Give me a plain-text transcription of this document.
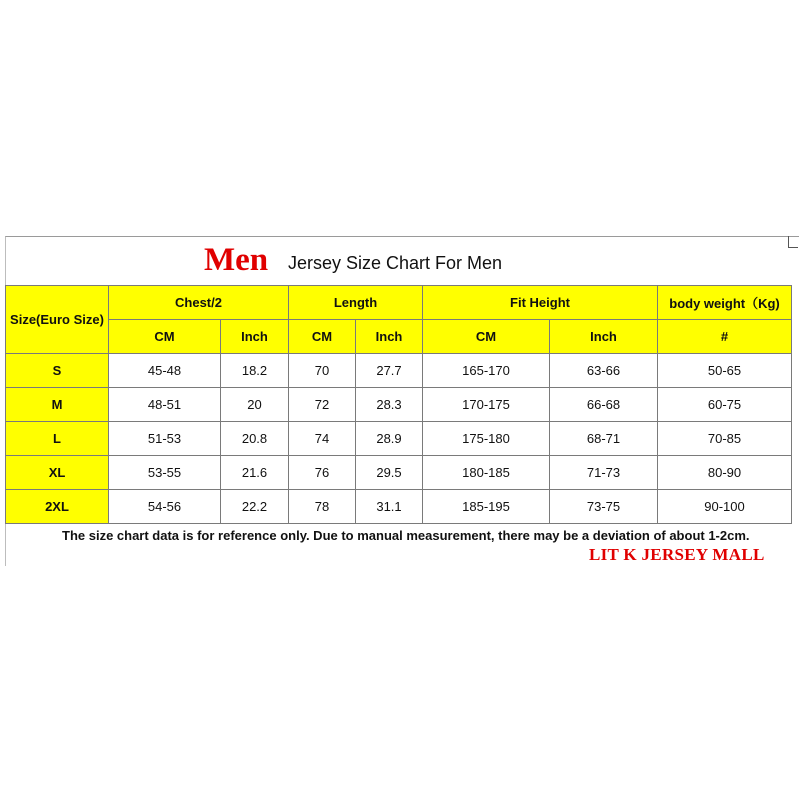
Men Jersey Size Chart For Men
Size(Euro Size)	Chest/2		Length		Fit Height		body weight（Kg)
	CM	Inch	CM	Inch	CM	Inch	#
S	45-48	18.2	70	27.7	165-170	63-66	50-65
M	48-51	20	72	28.3	170-175	66-68	60-75
L	51-53	20.8	74	28.9	175-180	68-71	70-85
XL	53-55	21.6	76	29.5	180-185	71-73	80-90
2XL	54-56	22.2	78	31.1	185-195	73-75	90-100
The size chart data is for reference only. Due to manual measurement, there may be a deviation of about 1-2cm.
LIT K JERSEY MALL
